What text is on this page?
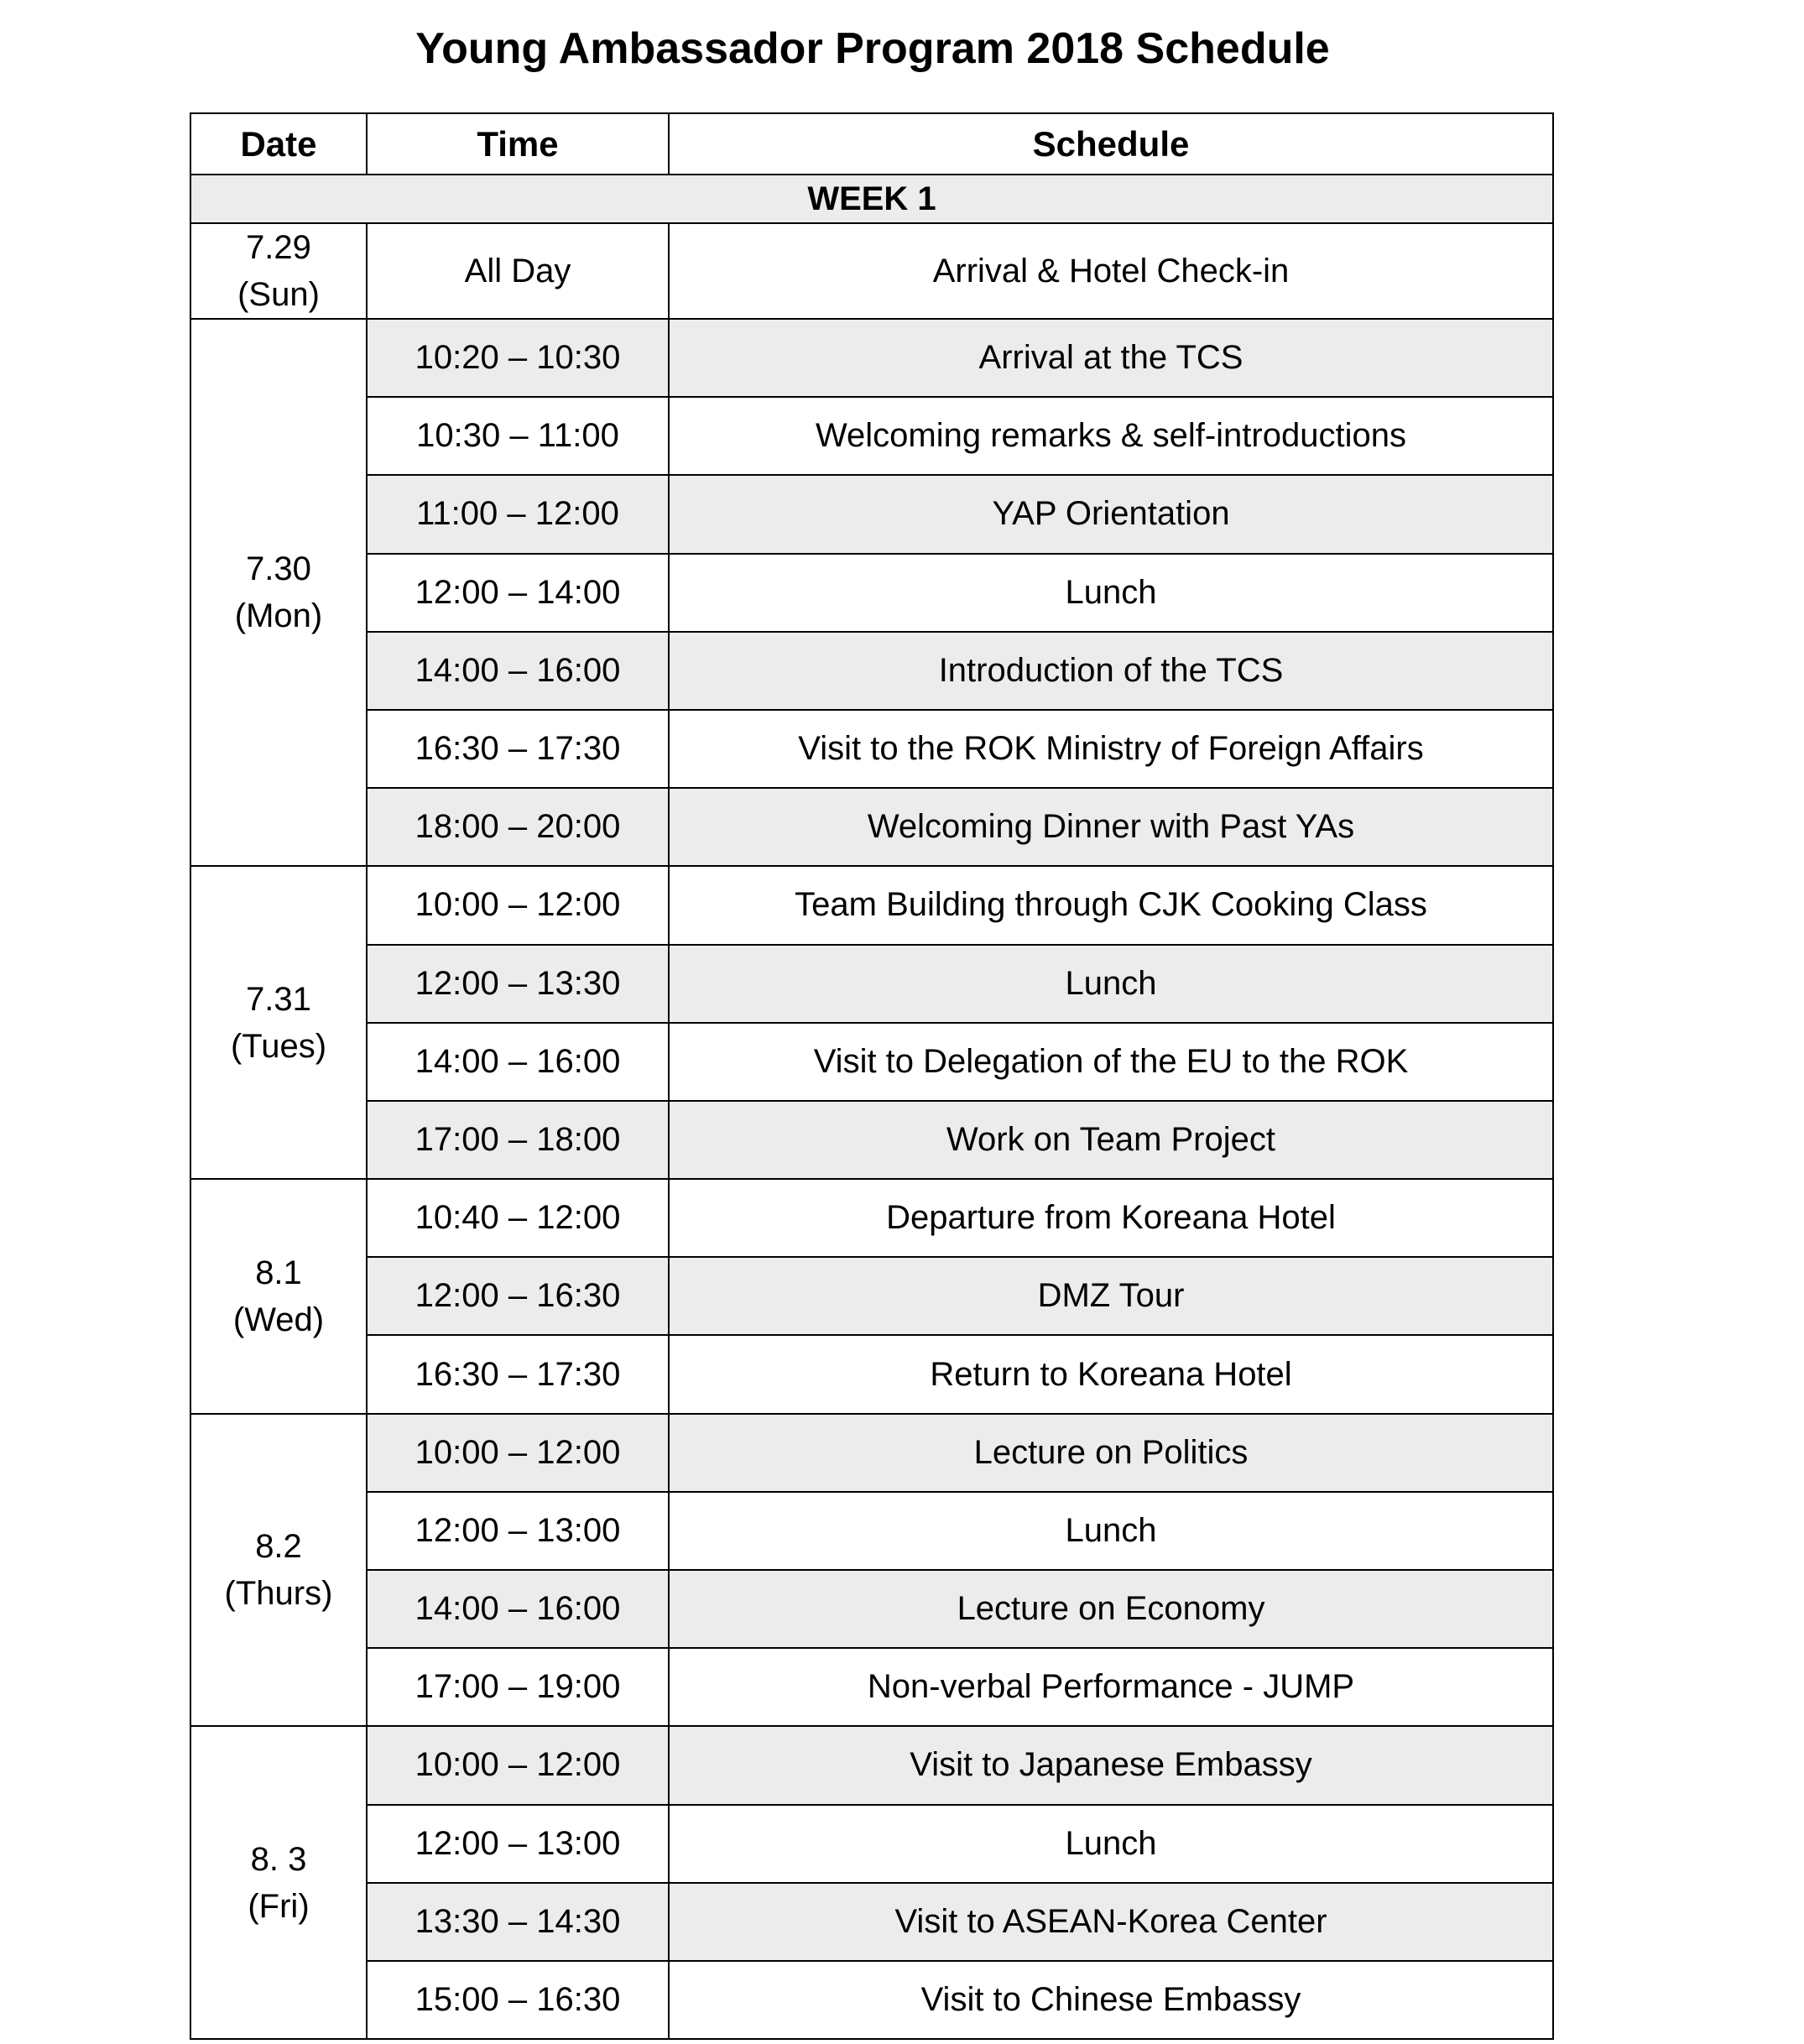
Young Ambassador Program 2018 Schedule
Date	Time	Schedule
WEEK 1		

7.29
(Sun)	All Day	Arrival & Hotel Check-in

7.30
(Mon)	10:20 – 10:30	Arrival at the TCS
	10:30 – 11:00	Welcoming remarks & self-introductions
	11:00 – 12:00	YAP Orientation
	12:00 – 14:00	Lunch
	14:00 – 16:00	Introduction of the TCS
	16:30 – 17:30	Visit to the ROK Ministry of Foreign Affairs
	18:00 – 20:00	Welcoming Dinner with Past YAs

7.31
(Tues)	10:00 – 12:00	Team Building through CJK Cooking Class
	12:00 – 13:30	Lunch
	14:00 – 16:00	Visit to Delegation of the EU to the ROK
	17:00 – 18:00	Work on Team Project

8.1
(Wed)	10:40 – 12:00	Departure from Koreana Hotel
	12:00 – 16:30	DMZ Tour
	16:30 – 17:30	Return to Koreana Hotel

8.2
(Thurs)	10:00 – 12:00	Lecture on Politics
	12:00 – 13:00	Lunch
	14:00 – 16:00	Lecture on Economy
	17:00 – 19:00	Non-verbal Performance - JUMP

8. 3
(Fri)	10:00 – 12:00	Visit to Japanese Embassy
	12:00 – 13:00	Lunch
	13:30 – 14:30	Visit to ASEAN-Korea Center
	15:00 – 16:30	Visit to Chinese Embassy
